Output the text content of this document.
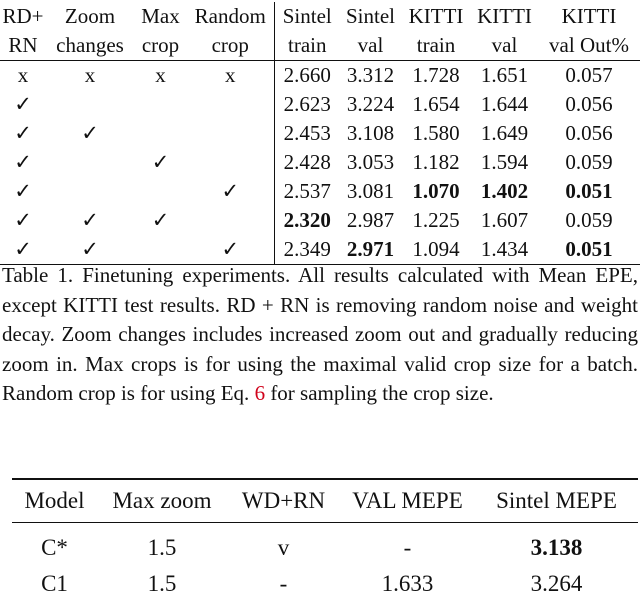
RD+	Zoom	Max	Random	Sintel	Sintel	KITTI	KITTI	KITTI
RN	changes	crop	crop	train	val	train	val	val Out%
x	x	x	x	2.660	3.312	1.728	1.651	0.057
✓				2.623	3.224	1.654	1.644	0.056
✓	✓			2.453	3.108	1.580	1.649	0.056
✓		✓		2.428	3.053	1.182	1.594	0.059
✓			✓	2.537	3.081	1.070	1.402	0.051
✓	✓	✓		2.320	2.987	1.225	1.607	0.059
✓	✓		✓	2.349	2.971	1.094	1.434	0.051
Table 1. Finetuning experiments. All results calculated with Mean EPE, except KITTI test results. RD + RN is removing random noise and weight decay. Zoom changes includes increased zoom out and gradually reducing zoom in. Max crops is for using the maximal valid crop size for a batch. Random crop is for using Eq. 6 for sampling the crop size.
Model	Max zoom	WD+RN	VAL MEPE	Sintel MEPE
C*	1.5	v	-	3.138
C1	1.5	-	1.633	3.264
